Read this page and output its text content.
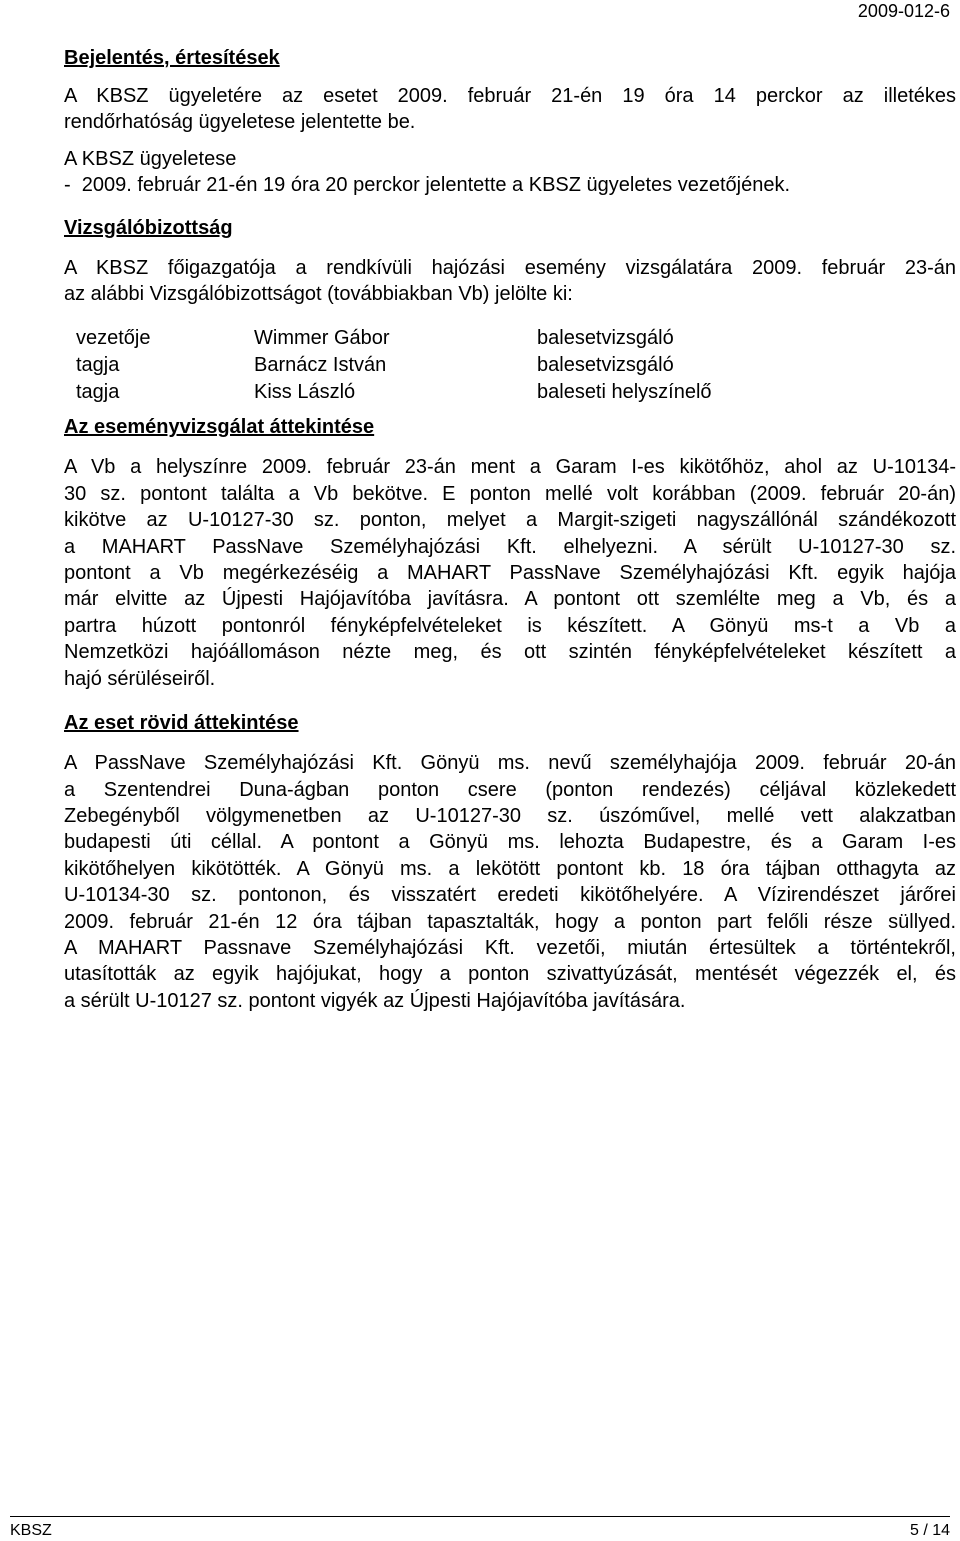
2009-012-6
Bejelentés, értesítések

A KBSZ ügyeletére az esetet 2009. február 21-én 19 óra 14 perckor az illetékes

rendőrhatóság ügyeletese jelentette be.

A KBSZ ügyeletese

-  2009. február 21-én 19 óra 20 perckor jelentette a KBSZ ügyeletes vezetőjének.

Vizsgálóbizottság

A KBSZ főigazgatója a rendkívüli hajózási esemény vizsgálatára 2009. február 23-án

az alábbi Vizsgálóbizottságot (továbbiakban Vb) jelölte ki:

vezetője	Wimmer Gábor	balesetvizsgáló
tagja	Barnácz István	balesetvizsgáló
tagja	Kiss László	baleseti helyszínelő
Az eseményvizsgálat áttekintése

A Vb a helyszínre 2009. február 23-án ment a Garam I-es kikötőhöz, ahol az U-10134-

30 sz. pontont találta a Vb bekötve. E ponton mellé volt korábban (2009. február 20-án)

kikötve az U-10127-30 sz. ponton, melyet a Margit-szigeti nagyszállónál szándékozott

a MAHART PassNave Személyhajózási Kft. elhelyezni. A sérült U-10127-30 sz.

pontont a Vb megérkezéséig a MAHART PassNave Személyhajózási Kft. egyik hajója

már elvitte az Újpesti Hajójavítóba javításra. A pontont ott szemlélte meg a Vb, és a

partra húzott pontonról fényképfelvételeket is készített. A Gönyü ms-t a Vb a

Nemzetközi hajóállomáson nézte meg, és ott szintén fényképfelvételeket készített a

hajó sérüléseiről.

Az eset rövid áttekintése

A PassNave Személyhajózási Kft. Gönyü ms. nevű személyhajója 2009. február 20-án

a Szentendrei Duna-ágban ponton csere (ponton rendezés) céljával közlekedett

Zebegényből völgymenetben az U-10127-30 sz. úszóművel, mellé vett alakzatban

budapesti úti céllal. A pontont a Gönyü ms. lehozta Budapestre, és a Garam I-es

kikötőhelyen kikötötték. A Gönyü ms. a lekötött pontont kb. 18 óra tájban otthagyta az

U-10134-30 sz. pontonon, és visszatért eredeti kikötőhelyére. A Vízirendészet járőrei

2009. február 21-én 12 óra tájban tapasztalták, hogy a ponton part felőli része süllyed.

A MAHART Passnave Személyhajózási Kft. vezetői, miután értesültek a történtekről,

utasították az egyik hajójukat, hogy a ponton szivattyúzását, mentését végezzék el, és

a sérült U-10127 sz. pontont vigyék az Újpesti Hajójavítóba javítására.

KBSZ	5 / 14
